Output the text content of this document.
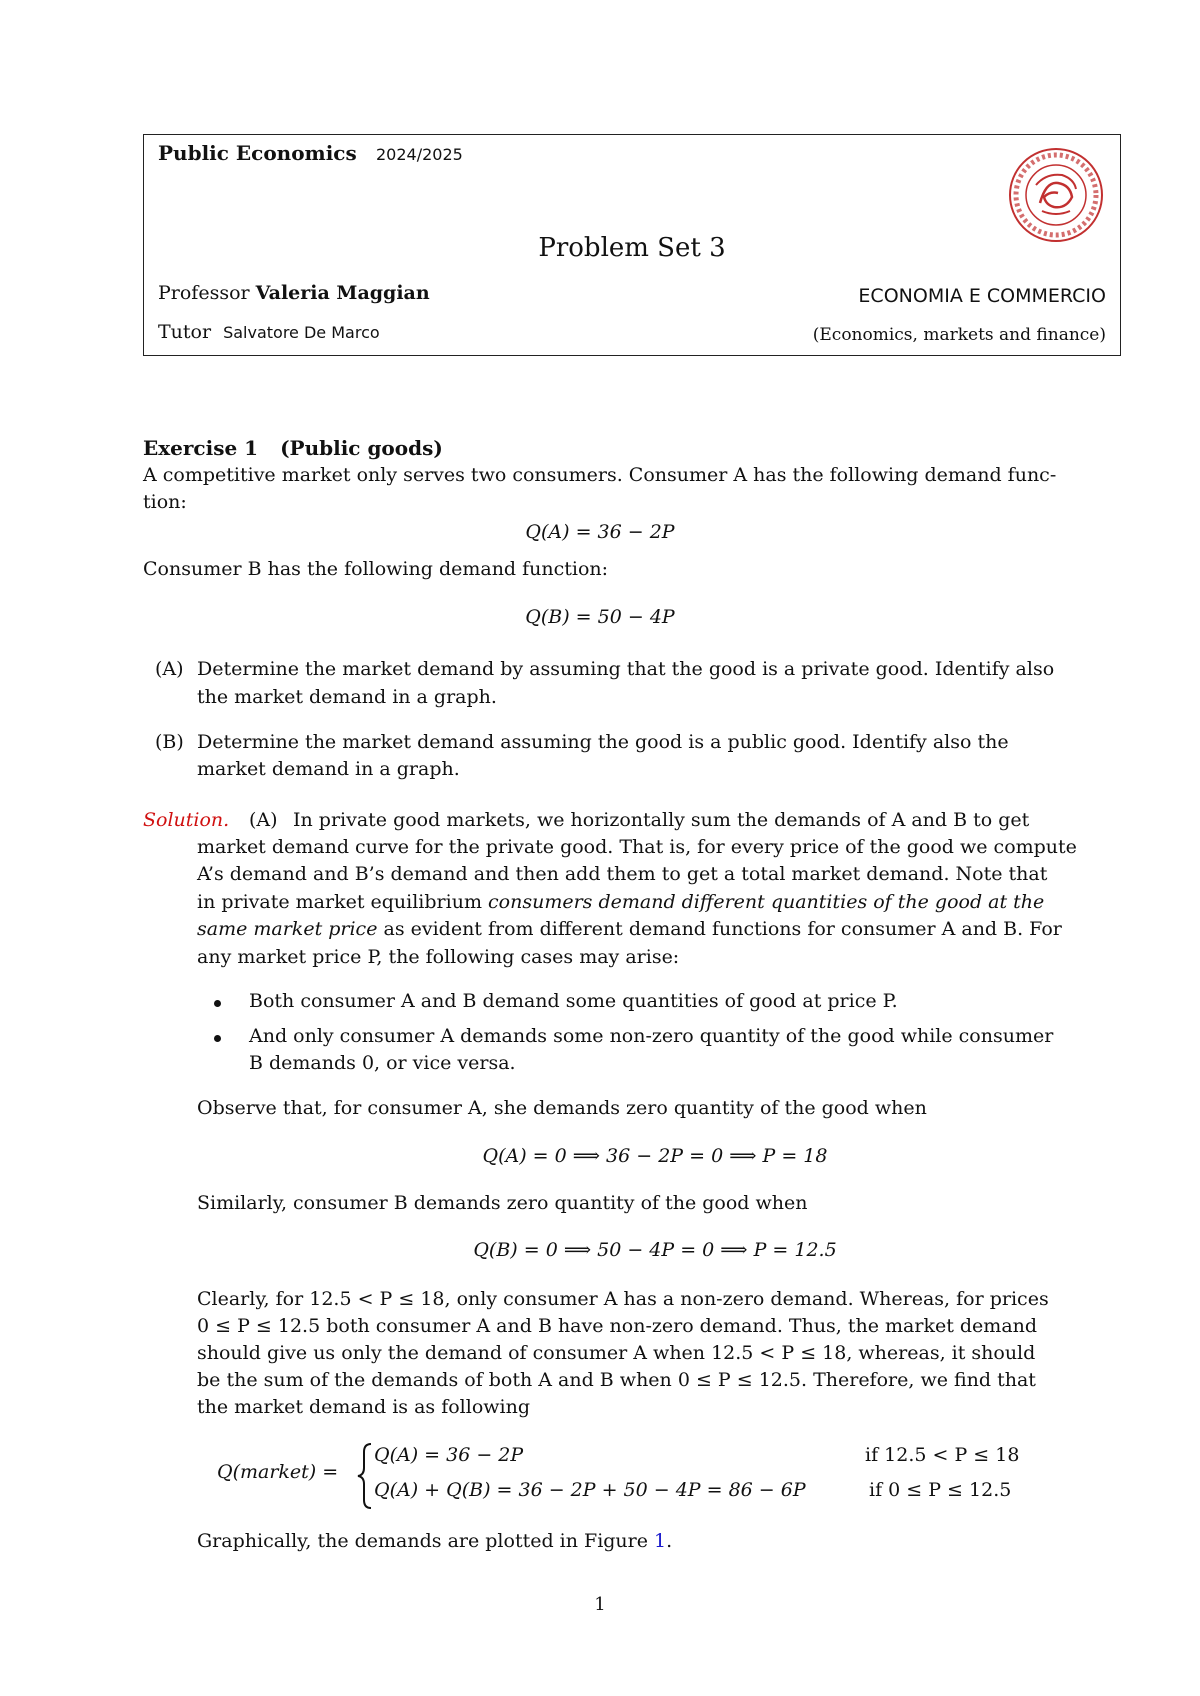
Public Economics 2024/2025
Problem Set 3
Professor Valeria Maggian
Tutor Salvatore De Marco
ECONOMIA E COMMERCIO
(Economics, markets and finance)
Exercise 1 (Public goods)
A competitive market only serves two consumers. Consumer A has the following demand func-
tion:
Q(A) = 36 − 2P
Consumer B has the following demand function:
Q(B) = 50 − 4P
(A) Determine the market demand by assuming that the good is a private good. Identify also
the market demand in a graph.
(B) Determine the market demand assuming the good is a public good. Identify also the
market demand in a graph.
Solution. (A) In private good markets, we horizontally sum the demands of A and B to get
market demand curve for the private good. That is, for every price of the good we compute
A’s demand and B’s demand and then add them to get a total market demand. Note that
in private market equilibrium consumers demand different quantities of the good at the
same market price as evident from different demand functions for consumer A and B. For
any market price P, the following cases may arise:
Both consumer A and B demand some quantities of good at price P.
And only consumer A demands some non-zero quantity of the good while consumer
B demands 0, or vice versa.
Observe that, for consumer A, she demands zero quantity of the good when
Q(A) = 0 ⟹ 36 − 2P = 0 ⟹ P = 18
Similarly, consumer B demands zero quantity of the good when
Q(B) = 0 ⟹ 50 − 4P = 0 ⟹ P = 12.5
Clearly, for 12.5 < P ≤ 18, only consumer A has a non-zero demand. Whereas, for prices
0 ≤ P ≤ 12.5 both consumer A and B have non-zero demand. Thus, the market demand
should give us only the demand of consumer A when 12.5 < P ≤ 18, whereas, it should
be the sum of the demands of both A and B when 0 ≤ P ≤ 12.5. Therefore, we find that
the market demand is as following
Q(market) =
Q(A) = 36 − 2P	if 12.5 < P ≤ 18
Q(A) + Q(B) = 36 − 2P + 50 − 4P = 86 − 6P	if 0 ≤ P ≤ 12.5
Graphically, the demands are plotted in Figure 1.
1
